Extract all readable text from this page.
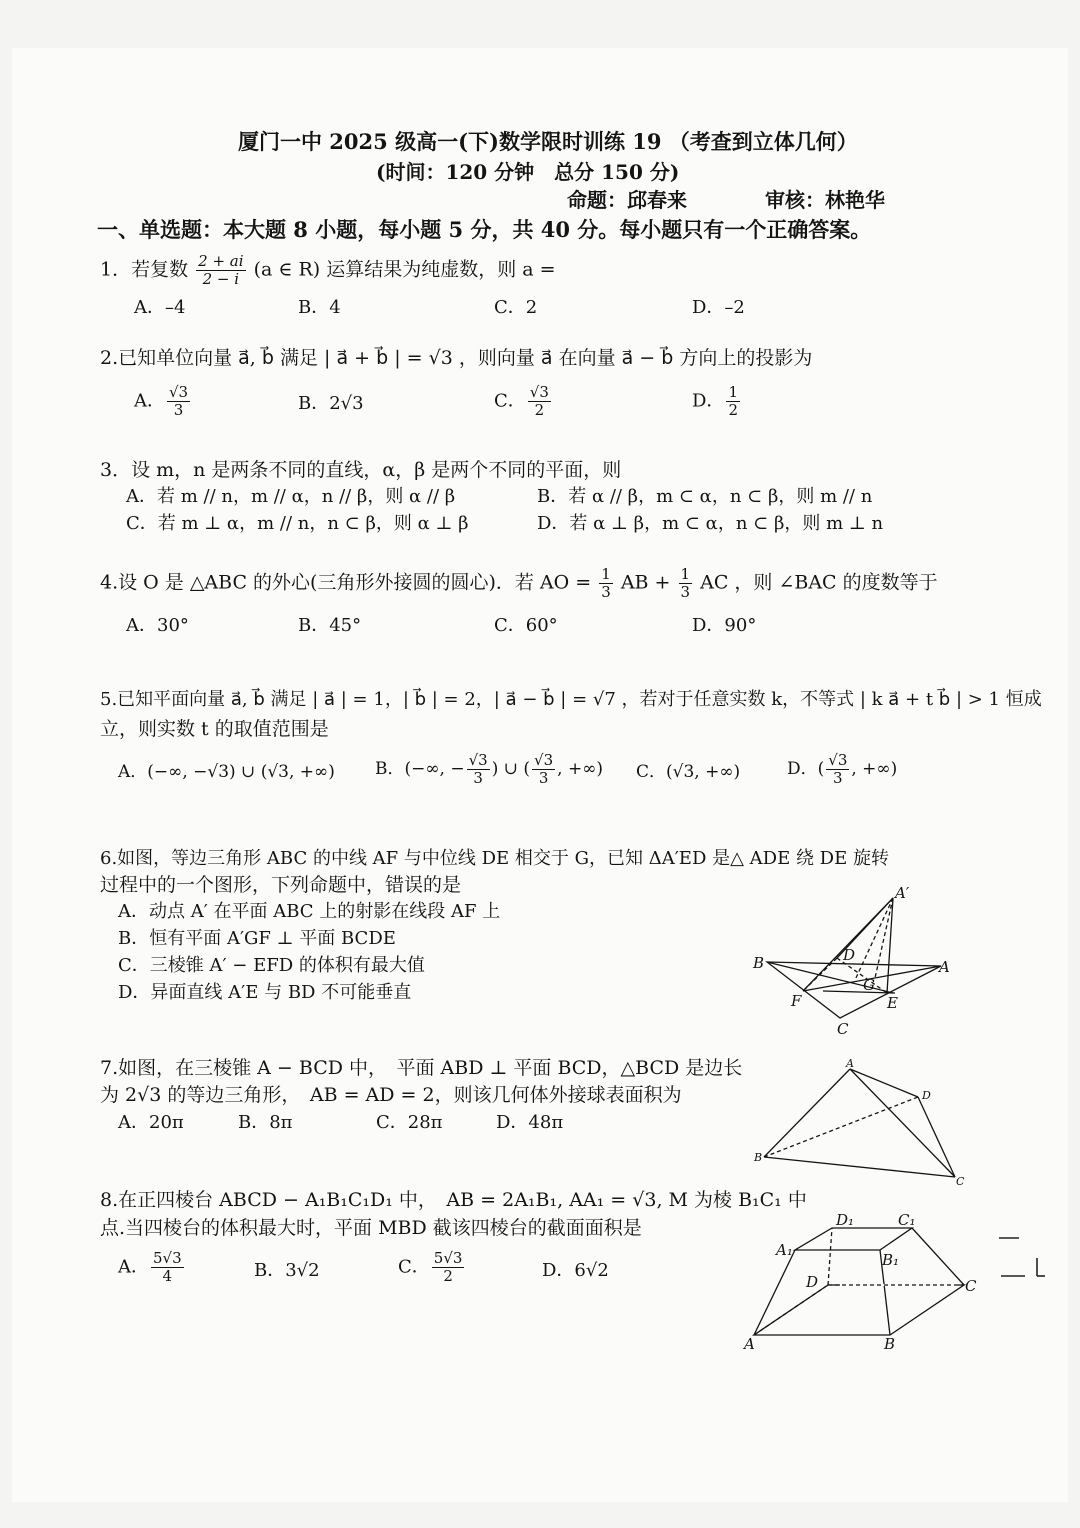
厦门一中 2025 级高一(下)数学限时训练 19 （考查到立体几何）
(时间：120 分钟　总分 150 分)
命题：邱春来	审核：林艳华
一、单选题：本大题 8 小题，每小题 5 分，共 40 分。每小题只有一个正确答案。
1．若复数 $\frac{2 + ai}{2 - i} (a$ ∈ R) 运算结果为纯虚数，则 a =
A．–4	B．4	C．2	D．–2
2.已知单位向量 a⃗, b⃗ 满足 | a⃗ + b⃗ | = √3 ，则向量 a⃗ 在向量 a⃗ − b⃗ 方向上的投影为
A． $\frac{√3}{3}$	B．2√3	C． $\frac{√3}{2}$	D． $\frac{1}{2}$
3．设 m，n 是两条不同的直线，α，β 是两个不同的平面，则
A．若 m // n，m // α，n // β，则 α // β	B．若 α // β，m ⊂ α，n ⊂ β，则 m // n
C．若 m ⊥ α，m // n，n ⊂ β，则 α ⊥ β	D．若 α ⊥ β，m ⊂ α，n ⊂ β，则 m ⊥ n
4.设 O 是 △ABC 的外心(三角形外接圆的圆心)．若 AO = $\frac{1}{3}$ AB + $\frac{1}{3}$ AC ，则 ∠BAC 的度数等于
A．30°	B．45°	C．60°	D．90°
5.已知平面向量 a⃗, b⃗ 满足 | a⃗ | = 1，| b⃗ | = 2，| a⃗ − b⃗ | = √7 ，若对于任意实数 k，不等式 | k a⃗ + t b⃗ | > 1 恒成
立，则实数 t 的取值范围是
A．(−∞, −√3) ∪ (√3, +∞) B．(−∞, − $\frac{√3}{3}$ ) ∪ ( $\frac{√3}{3}$ , +∞) C．(√3, +∞)	D．( $\frac{√3}{3}$ , +∞)
6.如图，等边三角形 ABC 的中线 AF 与中位线 DE 相交于 G，已知 ΔA′ED 是△ ADE 绕 DE 旋转
过程中的一个图形，下列命题中，错误的是
A．动点 A′ 在平面 ABC 上的射影在线段 AF 上
B．恒有平面 A′GF ⊥ 平面 BCDE
C．三棱锥 A′ − EFD 的体积有最大值
D．异面直线 A′E 与 BD 不可能垂直
A′
B	D
G
A
F	E
C
7.如图，在三棱锥 A − BCD 中，　平面 ABD ⊥ 平面 BCD，△BCD 是边长
为 2√3 的等边三角形，　AB = AD = 2，则该几何体外接球表面积为
A．20π	B．8π	C．28π	D．48π
A
D
B
C
8.在正四棱台 ABCD − A₁B₁C₁D₁ 中，　AB = 2A₁B₁, AA₁ = √3, M 为棱 B₁C₁ 中
点.当四棱台的体积最大时，平面 MBD 截该四棱台的截面面积是
A． $\frac{5√3}{4}$	B．3√2	C． $\frac{5√3}{2}$	D．6√2
D₁	C₁
A₁
B₁
D	C
A	B
